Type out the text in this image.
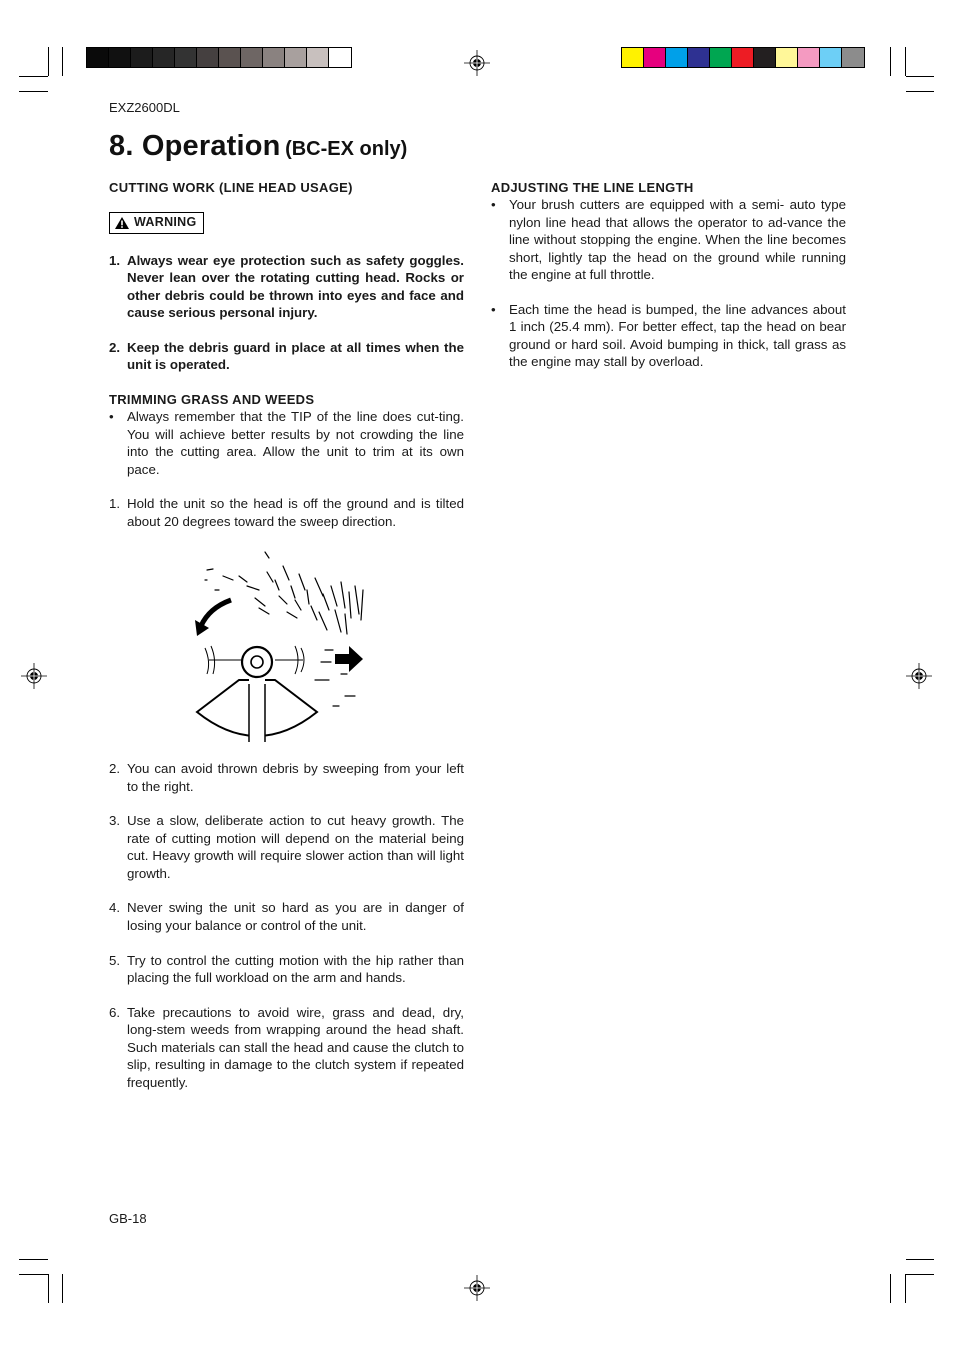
EXZ2600DL
8. Operation (BC-EX only)
CUTTING WORK (LINE HEAD USAGE)
WARNING
1. Always wear eye protection such as safety goggles. Never lean over the rotating cutting head. Rocks or other debris could be thrown into eyes and face and cause serious personal injury.
2. Keep the debris guard in place at all times when the unit is operated.
TRIMMING GRASS AND WEEDS
•	Always remember that the TIP of the line does cut-ting. You will achieve better results by not crowding the line into the cutting area. Allow the unit to trim at its own pace.
1. Hold the unit so the head is off the ground and is tilted about 20 degrees toward the sweep direction.
2. You can avoid thrown debris by sweeping from your left to the right.
3. Use a slow, deliberate action to cut heavy growth. The rate of cutting motion will depend on the material being cut. Heavy growth will require slower action than will light growth.
4. Never swing the unit so hard as you are in danger of losing your balance or control of the unit.
5. Try to control the cutting motion with the hip rather than placing the full workload on the arm and hands.
6. Take precautions to avoid wire, grass and dead, dry, long-stem weeds from wrapping around the head shaft. Such materials can stall the head and cause the clutch to slip, resulting in damage to the clutch system if repeated frequently.
ADJUSTING THE LINE LENGTH
•	Your brush cutters are equipped with a semi- auto type nylon line head that allows the operator to ad-vance the line without stopping the engine. When the line becomes short, lightly tap the head on the ground while running the engine at full throttle.
•	Each time the head is bumped, the line advances about 1 inch (25.4 mm). For better effect, tap the head on bear ground or hard soil. Avoid bumping in thick, tall grass as the engine may stall by overload.
GB-18
